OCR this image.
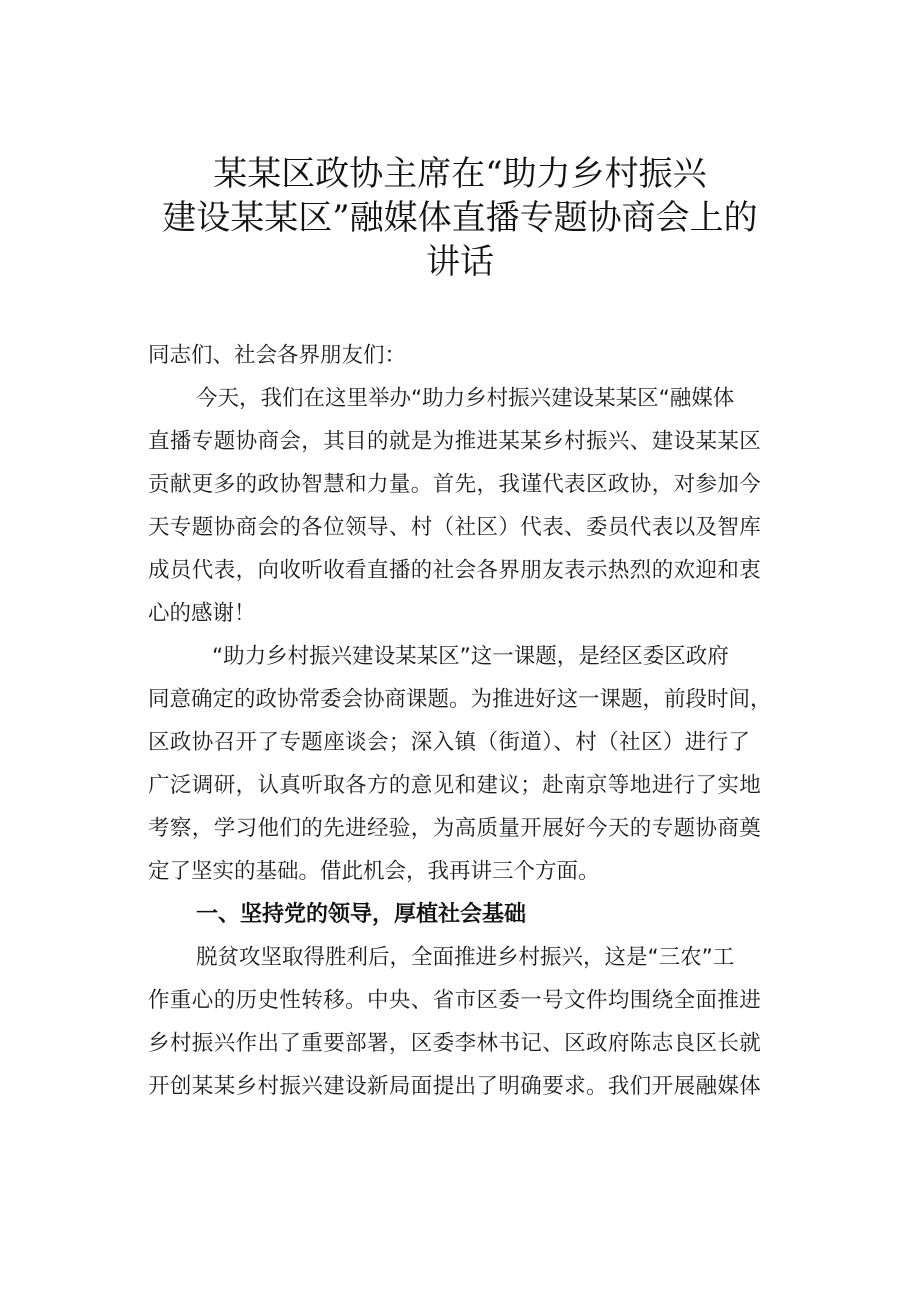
某某区政协主席在“助力乡村振兴
建设某某区”融媒体直播专题协商会上的
讲话
同志们、社会各界朋友们：
今天，我们在这里举办“助力乡村振兴建设某某区“融媒体
直播专题协商会，其目的就是为推进某某乡村振兴、建设某某区
贡献更多的政协智慧和力量。首先，我谨代表区政协，对参加今
天专题协商会的各位领导、村（社区）代表、委员代表以及智库
成员代表，向收听收看直播的社会各界朋友表示热烈的欢迎和衷
心的感谢！
“助力乡村振兴建设某某区”这一课题，是经区委区政府
同意确定的政协常委会协商课题。为推进好这一课题，前段时间，
区政协召开了专题座谈会；深入镇（街道）、村（社区）进行了
广泛调研，认真听取各方的意见和建议；赴南京等地进行了实地
考察，学习他们的先进经验，为高质量开展好今天的专题协商奠
定了坚实的基础。借此机会，我再讲三个方面。
一、坚持党的领导，厚植社会基础
脱贫攻坚取得胜利后，全面推进乡村振兴，这是“三农”工
作重心的历史性转移。中央、省市区委一号文件均围绕全面推进
乡村振兴作出了重要部署，区委李林书记、区政府陈志良区长就
开创某某乡村振兴建设新局面提出了明确要求。我们开展融媒体
